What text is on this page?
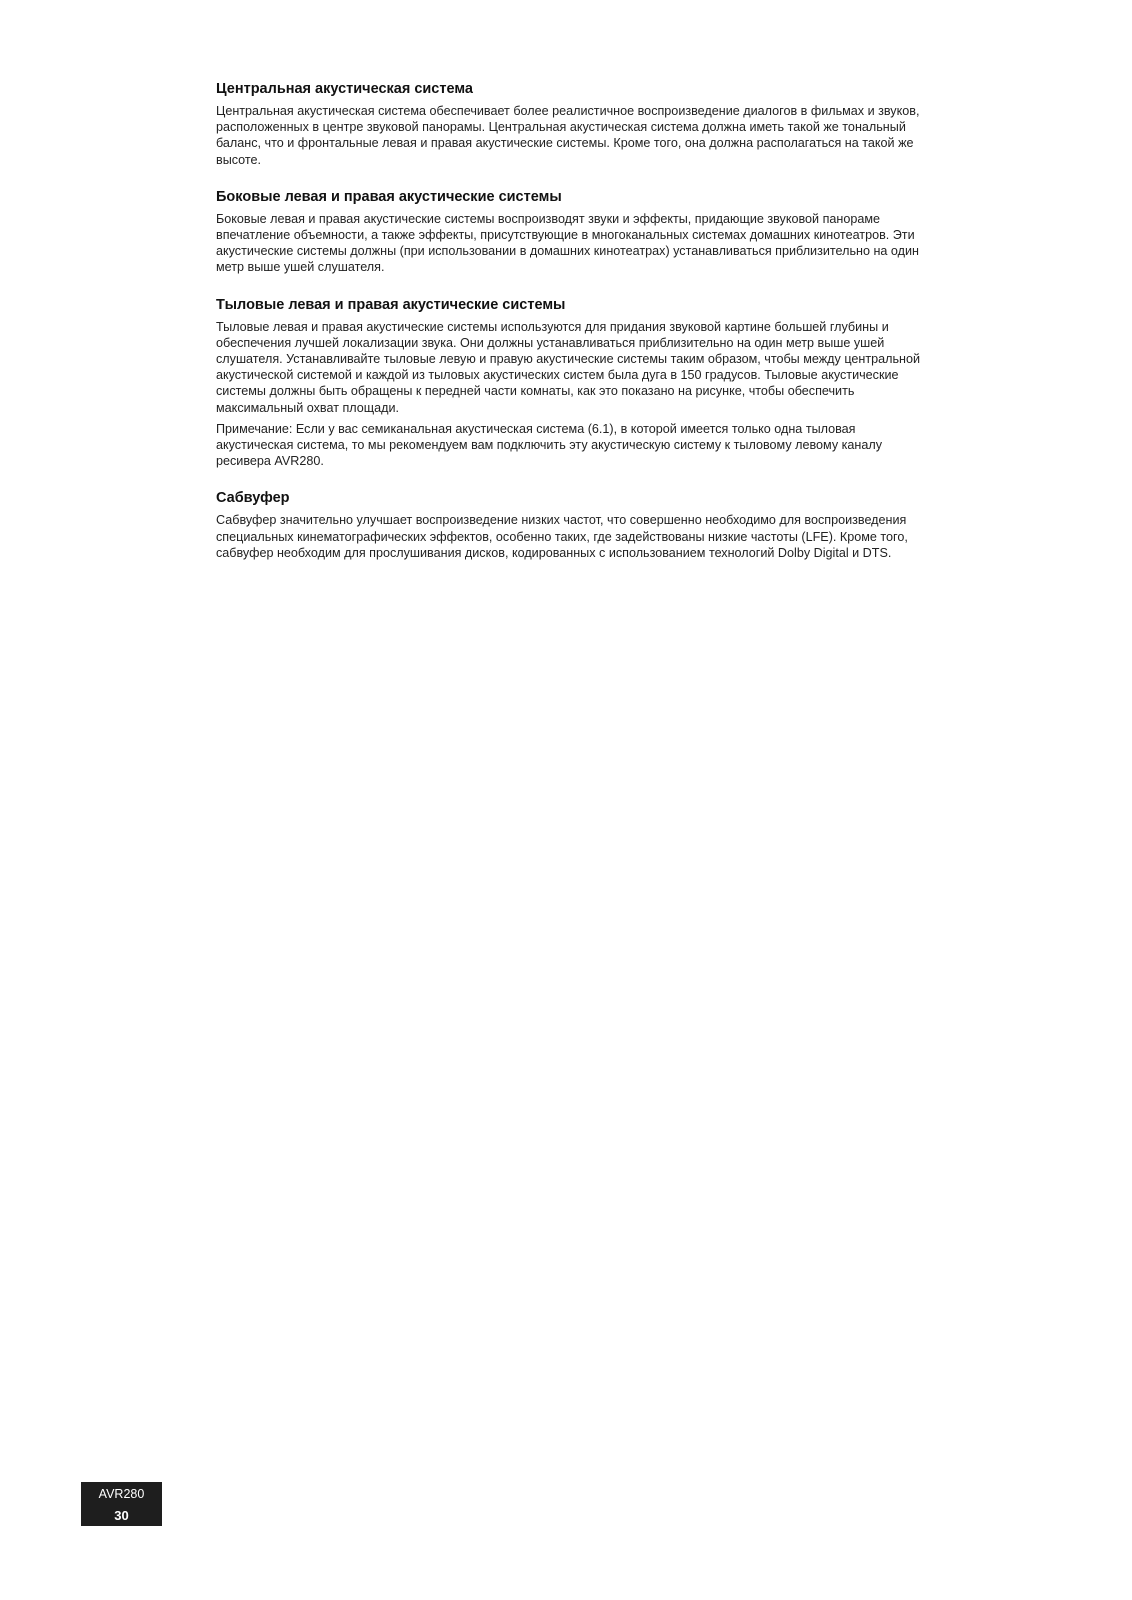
Центральная акустическая система

Центральная акустическая система обеспечивает более реалистичное воспроизведение диалогов в фильмах и звуков, расположенных в центре звуковой панорамы. Центральная акустическая система должна иметь такой же тональный баланс, что и фронтальные левая и правая акустические системы. Кроме того, она должна располагаться на такой же высоте.

Боковые левая и правая акустические системы

Боковые левая и правая акустические системы воспроизводят звуки и эффекты, придающие звуковой панораме впечатление объемности, а также эффекты, присутствующие в многоканальных системах домашних кинотеатров. Эти акустические системы должны (при использовании в домашних кинотеатрах) устанавливаться приблизительно на один метр выше ушей слушателя.

Тыловые левая и правая акустические системы

Тыловые левая и правая акустические системы используются для придания звуковой картине большей глубины и обеспечения лучшей локализации звука. Они должны устанавливаться приблизительно на один метр выше ушей слушателя. Устанавливайте тыловые левую и правую акустические системы таким образом, чтобы между центральной акустической системой и каждой из тыловых акустических систем была дуга в 150 градусов. Тыловые акустические системы должны быть обращены к передней части комнаты, как это показано на рисунке, чтобы обеспечить максимальный охват площади.

Примечание: Если у вас семиканальная акустическая система (6.1), в которой имеется только одна тыловая акустическая система, то мы рекомендуем вам подключить эту акустическую систему к тыловому левому каналу ресивера AVR280.

Сабвуфер

Сабвуфер значительно улучшает воспроизведение низких частот, что совершенно необходимо для воспроизведения специальных кинематографических эффектов, особенно таких, где задействованы низкие частоты (LFE). Кроме того, сабвуфер необходим для прослушивания дисков, кодированных с использованием технологий Dolby Digital и DTS.

AVR280
30
